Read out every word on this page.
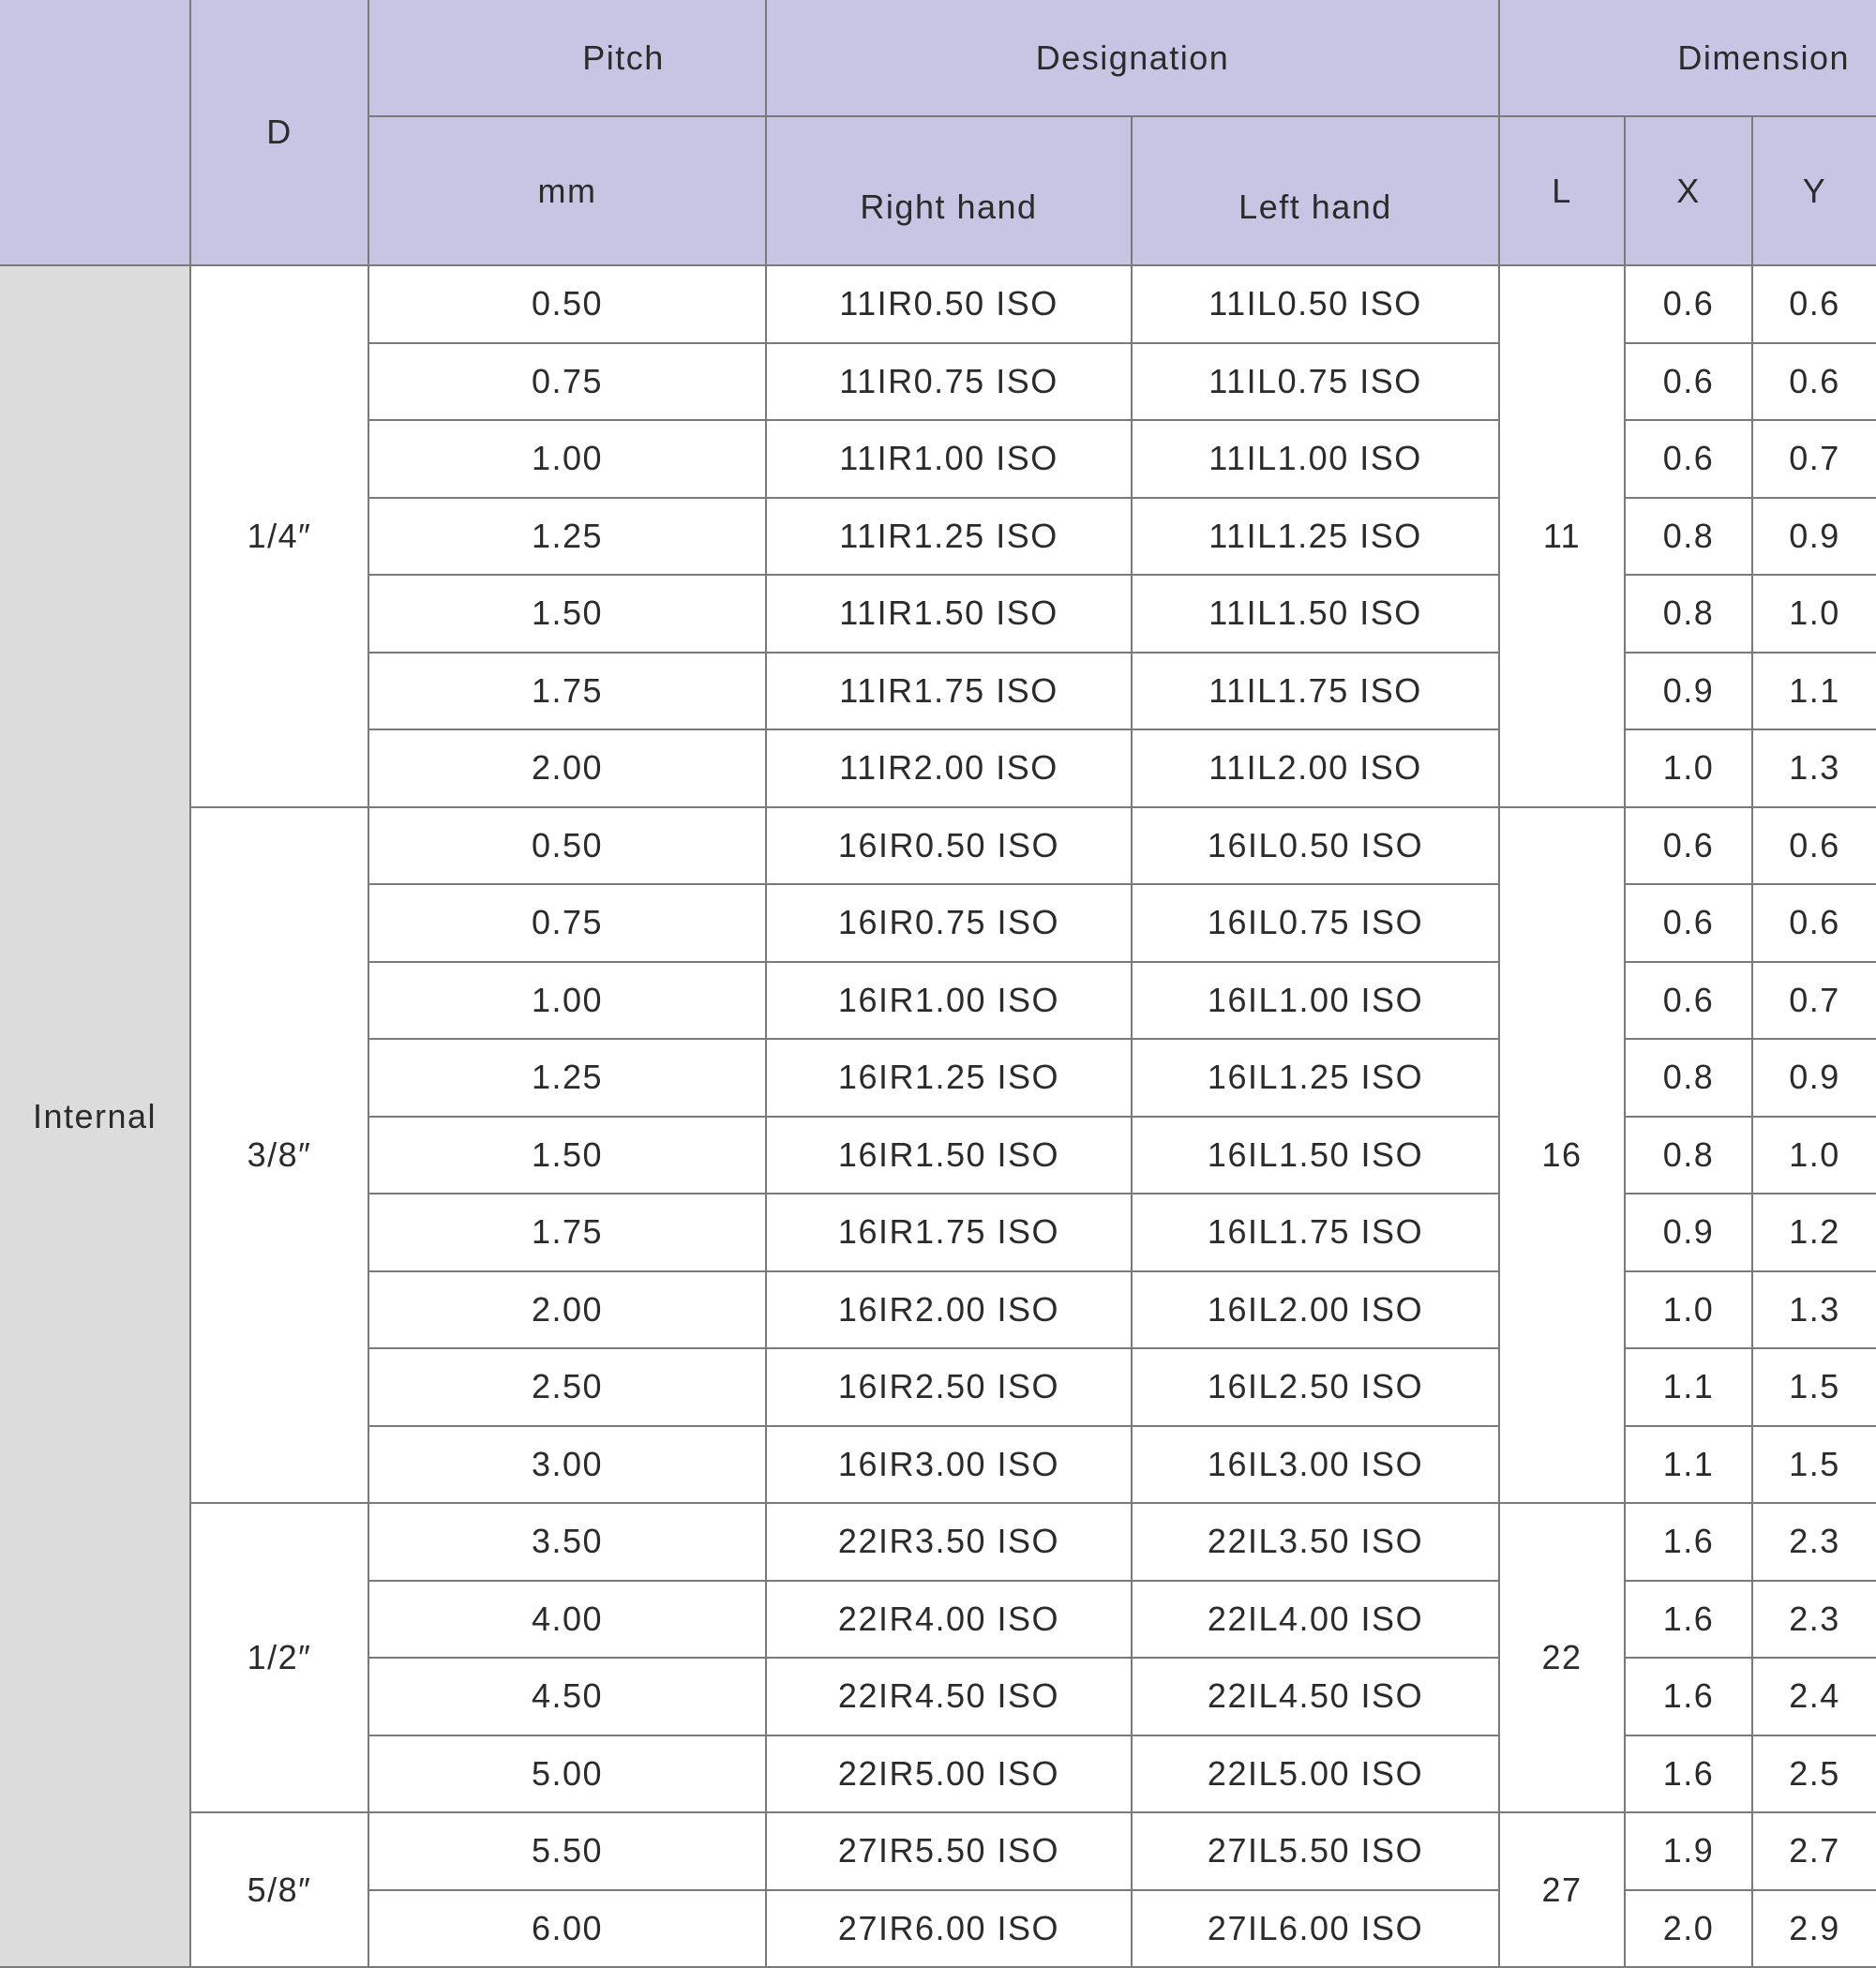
	D	Pitch	Designation		Dimension		
		mm	Right hand	Left hand	L	X	Y
Internal	1/4″	0.50	11IR0.50 ISO	11IL0.50 ISO	11	0.6	0.6
		0.75	11IR0.75 ISO	11IL0.75 ISO		0.6	0.6
		1.00	11IR1.00 ISO	11IL1.00 ISO		0.6	0.7
		1.25	11IR1.25 ISO	11IL1.25 ISO		0.8	0.9
		1.50	11IR1.50 ISO	11IL1.50 ISO		0.8	1.0
		1.75	11IR1.75 ISO	11IL1.75 ISO		0.9	1.1
		2.00	11IR2.00 ISO	11IL2.00 ISO		1.0	1.3
	3/8″	0.50	16IR0.50 ISO	16IL0.50 ISO	16	0.6	0.6
		0.75	16IR0.75 ISO	16IL0.75 ISO		0.6	0.6
		1.00	16IR1.00 ISO	16IL1.00 ISO		0.6	0.7
		1.25	16IR1.25 ISO	16IL1.25 ISO		0.8	0.9
		1.50	16IR1.50 ISO	16IL1.50 ISO		0.8	1.0
		1.75	16IR1.75 ISO	16IL1.75 ISO		0.9	1.2
		2.00	16IR2.00 ISO	16IL2.00 ISO		1.0	1.3
		2.50	16IR2.50 ISO	16IL2.50 ISO		1.1	1.5
		3.00	16IR3.00 ISO	16IL3.00 ISO		1.1	1.5
	1/2″	3.50	22IR3.50 ISO	22IL3.50 ISO	22	1.6	2.3
		4.00	22IR4.00 ISO	22IL4.00 ISO		1.6	2.3
		4.50	22IR4.50 ISO	22IL4.50 ISO		1.6	2.4
		5.00	22IR5.00 ISO	22IL5.00 ISO		1.6	2.5
	5/8″	5.50	27IR5.50 ISO	27IL5.50 ISO	27	1.9	2.7
		6.00	27IR6.00 ISO	27IL6.00 ISO		2.0	2.9
